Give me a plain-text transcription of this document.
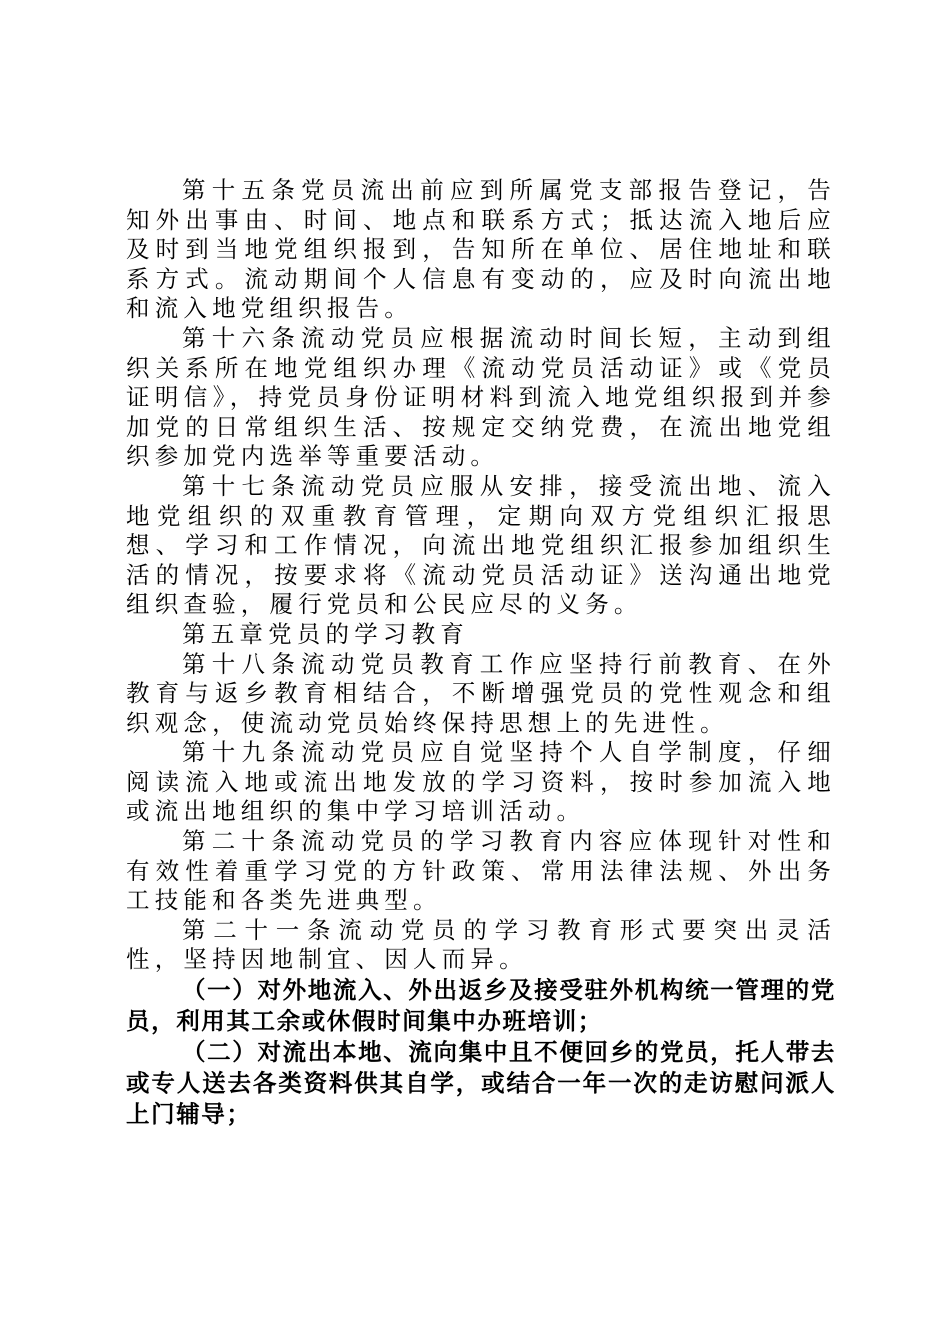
第十五条党员流出前应到所属党支部报告登记，告知外出事由、时间、地点和联系方式；抵达流入地后应及时到当地党组织报到，告知所在单位、居住地址和联系方式。流动期间个人信息有变动的，应及时向流出地和流入地党组织报告。

第十六条流动党员应根据流动时间长短，主动到组织关系所在地党组织办理《流动党员活动证》或《党员证明信》，持党员身份证明材料到流入地党组织报到并参加党的日常组织生活、按规定交纳党费，在流出地党组织参加党内选举等重要活动。

第十七条流动党员应服从安排，接受流出地、流入地党组织的双重教育管理，定期向双方党组织汇报思想、学习和工作情况，向流出地党组织汇报参加组织生活的情况，按要求将《流动党员活动证》送沟通出地党组织查验，履行党员和公民应尽的义务。

第五章党员的学习教育

第十八条流动党员教育工作应坚持行前教育、在外教育与返乡教育相结合，不断增强党员的党性观念和组织观念，使流动党员始终保持思想上的先进性。

第十九条流动党员应自觉坚持个人自学制度，仔细阅读流入地或流出地发放的学习资料，按时参加流入地或流出地组织的集中学习培训活动。

第二十条流动党员的学习教育内容应体现针对性和有效性着重学习党的方针政策、常用法律法规、外出务工技能和各类先进典型。

第二十一条流动党员的学习教育形式要突出灵活性，坚持因地制宜、因人而异。

（一）对外地流入、外出返乡及接受驻外机构统一管理的党员，利用其工余或休假时间集中办班培训；

（二）对流出本地、流向集中且不便回乡的党员，托人带去或专人送去各类资料供其自学，或结合一年一次的走访慰问派人上门辅导；
